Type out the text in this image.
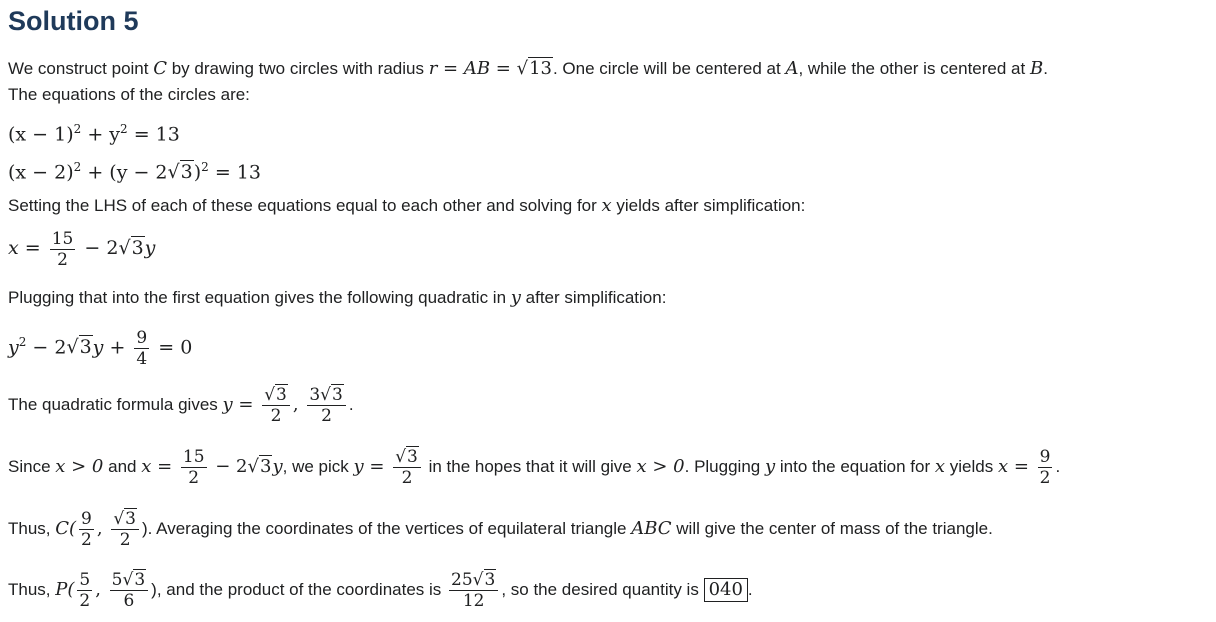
Solution 5
We construct point C by drawing two circles with radius r = AB = √13. One circle will be centered at A, while the other is centered at B.
The equations of the circles are:
$(x - 1)^2 + y^2 = 13$
$(x - 2)^2 + (y - 2√3)^2 = 13$
Setting the LHS of each of these equations equal to each other and solving for x yields after simplification:
$x = \frac{15}{2} - 2√3y$
Plugging that into the first equation gives the following quadratic in y after simplification:
$y^2 - 2√3y + \frac{9}{4} = 0$
The quadratic formula gives $y = \frac{√3}{2}$ , $\frac{3√3}{2}$ .
Since x > 0 and $x = \frac{15}{2} - 2√3y$, we pick $y = \frac{√3}{2}$ in the hopes that it will give x > 0. Plugging y into the equation for x yields $x = \frac{9}{2}$ .
Thus, $C( \frac{9}{2}$ , $\frac{√3}{2}$ ). Averaging the coordinates of the vertices of equilateral triangle ABC will give the center of mass of the triangle.
Thus, $P( \frac{5}{2}$ , $\frac{5√3}{6}$ ), and the product of the coordinates is $\frac{25√3}{12}$ , so the desired quantity is 040 .
